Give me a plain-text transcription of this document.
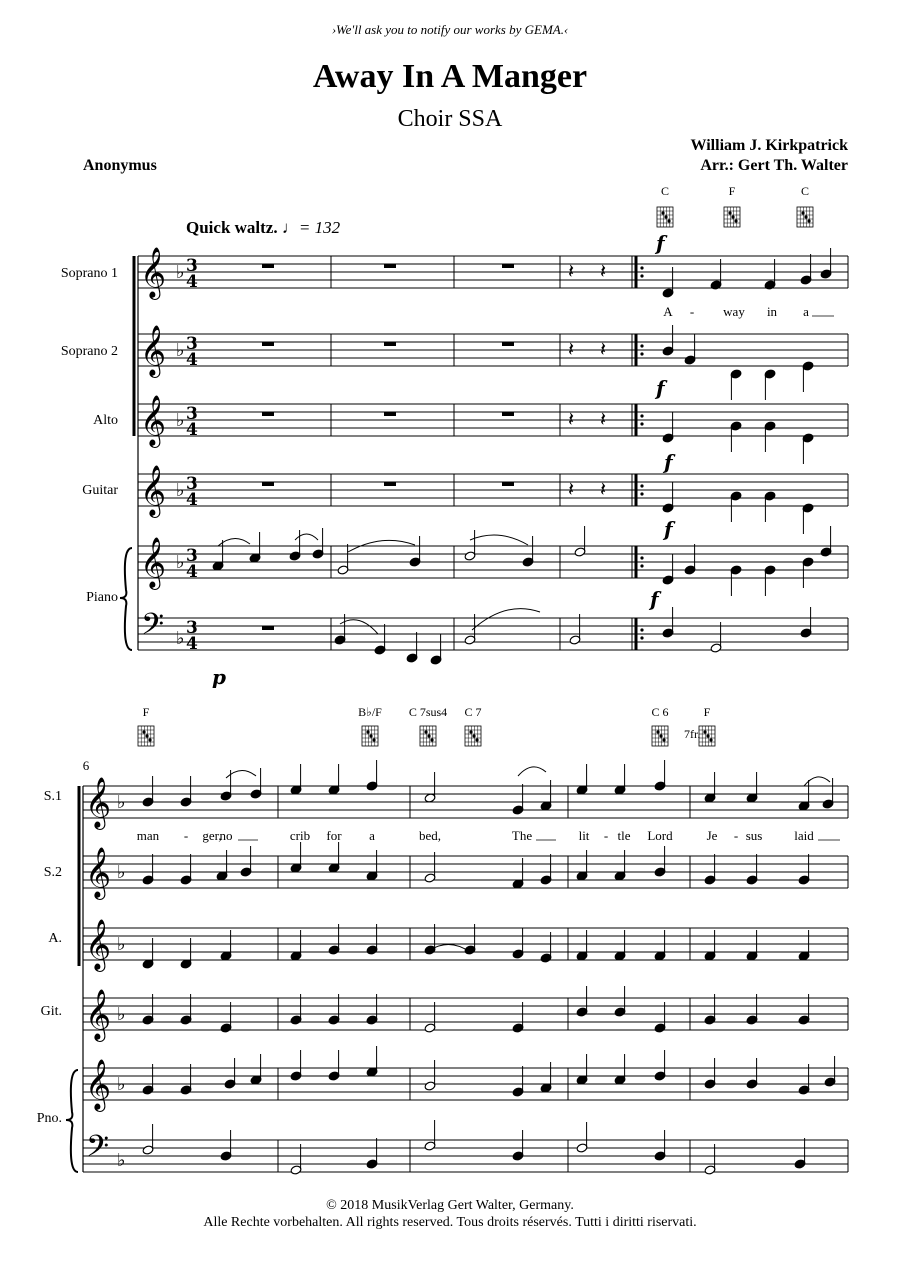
›We'll ask you to notify our works by GEMA.‹
Away In A Manger
Choir SSA
William J. Kirkpatrick
Arr.: Gert Th. Walter
Anonymus
Quick waltz. ♩= 132
Soprano 1
Soprano 2
Alto
Guitar
Piano
𝄞 ♭ 3
4
𝄞 ♭ 3
4
𝄞 ♭ 3
4
𝄞 ♭ 3
4
𝄞 ♭ 3
4
𝄢 ♭ 3
4
𝄽 𝄽
𝄽 𝄽
𝄽 𝄽
𝄽 𝄽
p
f
f
f
f
f
A - way in a
C	F	C
S.1
S.2
A.
Git.
Pno.
6
𝄞 ♭
𝄞 ♭
𝄞 ♭
𝄞 ♭
𝄞 ♭
𝄢 ♭
man - ger,
no	crib for a	bed,	The	lit - tle Lord	Je - sus laid
F	B♭/F C 7sus4 C 7	C 6	F
7fr.
© 2018 MusikVerlag Gert Walter, Germany.
Alle Rechte vorbehalten. All rights reserved. Tous droits réservés. Tutti i diritti riservati.
